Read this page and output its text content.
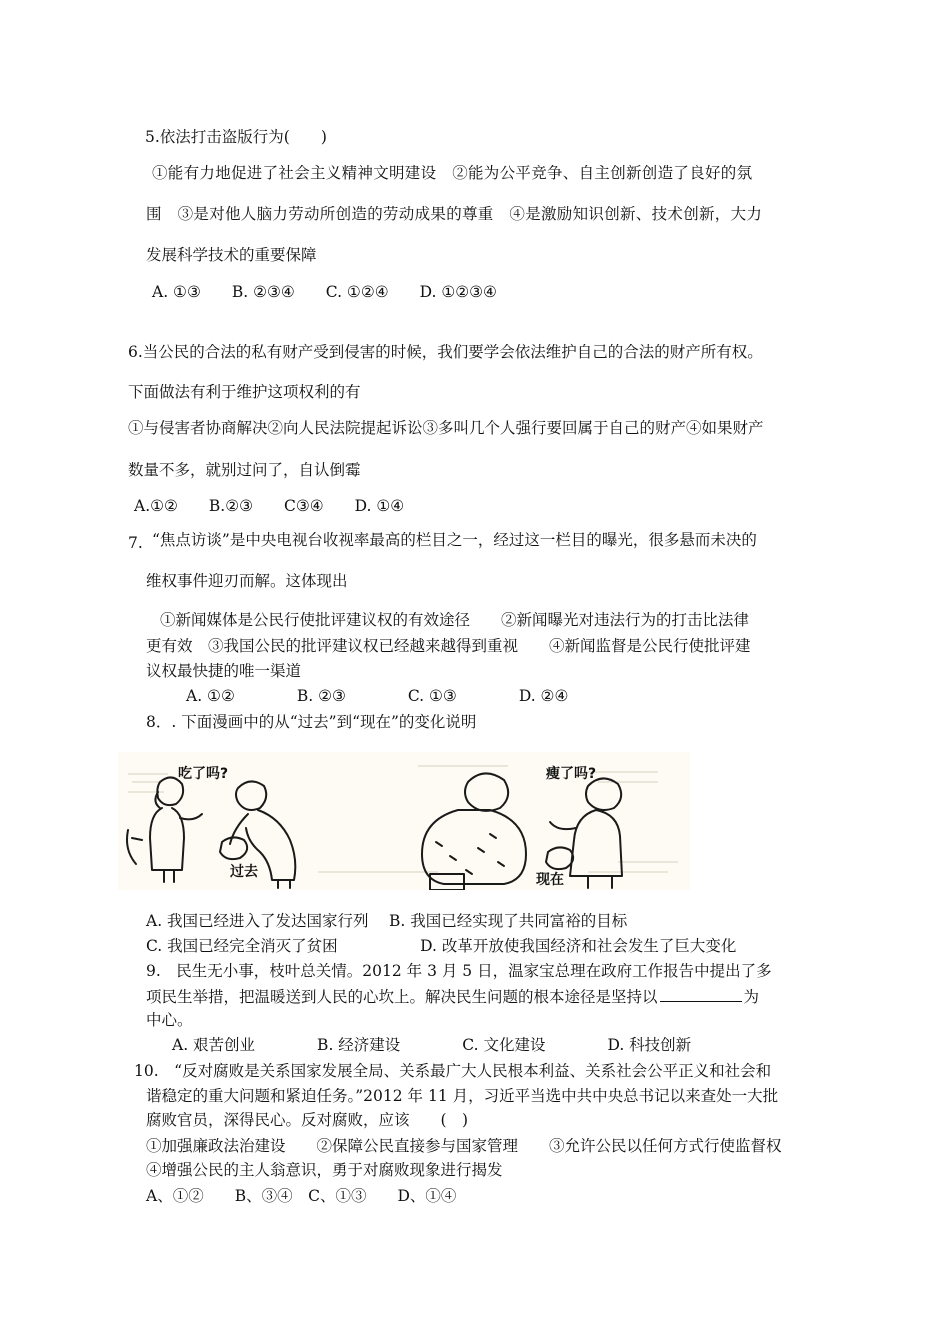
5.依法打击盗版行为(　　)
①能有力地促进了社会主义精神文明建设　②能为公平竞争、自主创新创造了良好的氛
围　③是对他人脑力劳动所创造的劳动成果的尊重　④是激励知识创新、技术创新，大力
发展科学技术的重要保障
A. ①③　　B. ②③④　　C. ①②④　　D. ①②③④
6.当公民的合法的私有财产受到侵害的时候，我们要学会依法维护自己的合法的财产所有权。
下面做法有利于维护这项权利的有
①与侵害者协商解决②向人民法院提起诉讼③多叫几个人强行要回属于自己的财产④如果财产
数量不多，就别过问了，自认倒霉
A.①②　　B.②③　　C③④　　D. ①④
7. “焦点访谈”是中央电视台收视率最高的栏目之一，经过这一栏目的曝光，很多悬而未决的
维权事件迎刃而解。这体现出
①新闻媒体是公民行使批评建议权的有效途径　　②新闻曝光对违法行为的打击比法律
更有效　③我国公民的批评建议权已经越来越得到重视　　④新闻监督是公民行使批评建
议权最快捷的唯一渠道
A. ①②　　　　B. ②③　　　　C. ①③　　　　D. ②④
8．. 下面漫画中的从“过去”到“现在”的变化说明
吃了吗?	瘦了吗?
过去	现在
A. 我国已经进入了发达国家行列　 B. 我国已经实现了共同富裕的目标
C. 我国已经完全消灭了贫困　　　　　 D. 改革开放使我国经济和社会发生了巨大变化
9.　民生无小事，枝叶总关情。2012 年 3 月 5 日，温家宝总理在政府工作报告中提出了多
项民生举措，把温暖送到人民的心坎上。解决民生问题的根本途径是坚持以	为
中心。
A. 艰苦创业　　　　B. 经济建设　　　　C. 文化建设　　　　D. 科技创新
10.　“反对腐败是关系国家发展全局、关系最广大人民根本利益、关系社会公平正义和社会和
谐稳定的重大问题和紧迫任务。”2012 年 11 月，习近平当选中共中央总书记以来查处一大批
腐败官员，深得民心。反对腐败，应该　　(　)
①加强廉政法治建设　　②保障公民直接参与国家管理　　③允许公民以任何方式行使监督权
④增强公民的主人翁意识，勇于对腐败现象进行揭发
A、①②　　B、③④　C、①③　　D、①④
